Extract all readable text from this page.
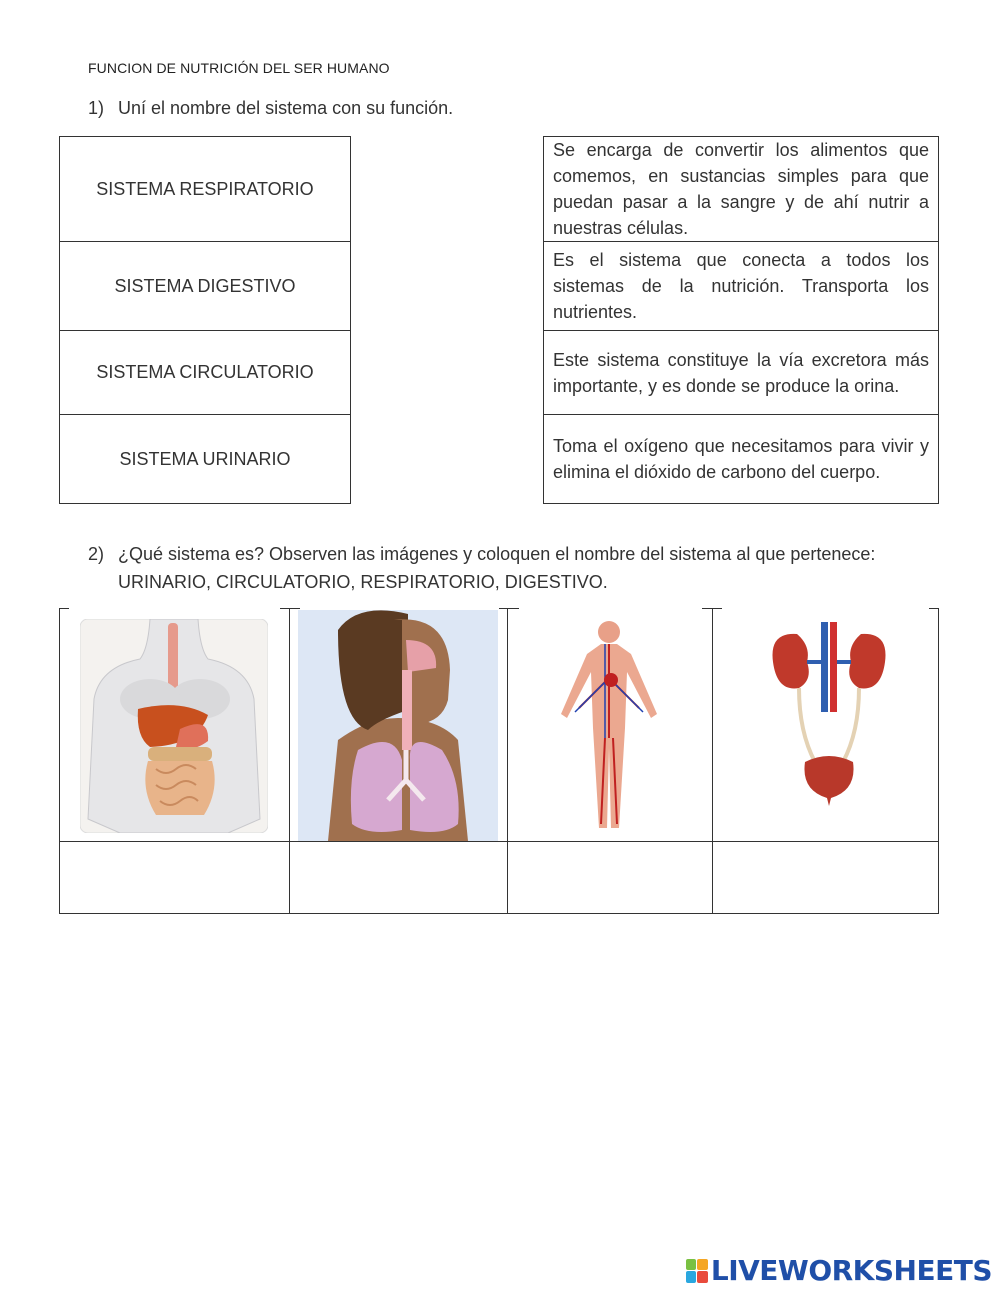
FUNCION DE NUTRICIÓN DEL SER HUMANO
1) Uní el nombre del sistema con su función.
SISTEMA RESPIRATORIO
SISTEMA DIGESTIVO
SISTEMA CIRCULATORIO
SISTEMA URINARIO
Se encarga de convertir los alimentos que comemos, en sustancias simples para que puedan pasar a la sangre y de ahí nutrir a nuestras células.
Es el sistema que conecta a todos los sistemas de la nutrición. Transporta los nutrientes.
Este sistema constituye la vía excretora más importante, y es donde se produce la orina.
Toma el oxígeno que necesitamos para vivir y elimina el dióxido de carbono del cuerpo.
2) ¿Qué sistema es? Observen las imágenes y coloquen el nombre del sistema al que pertenece:
URINARIO, CIRCULATORIO, RESPIRATORIO, DIGESTIVO.
LIVEWORKSHEETS
